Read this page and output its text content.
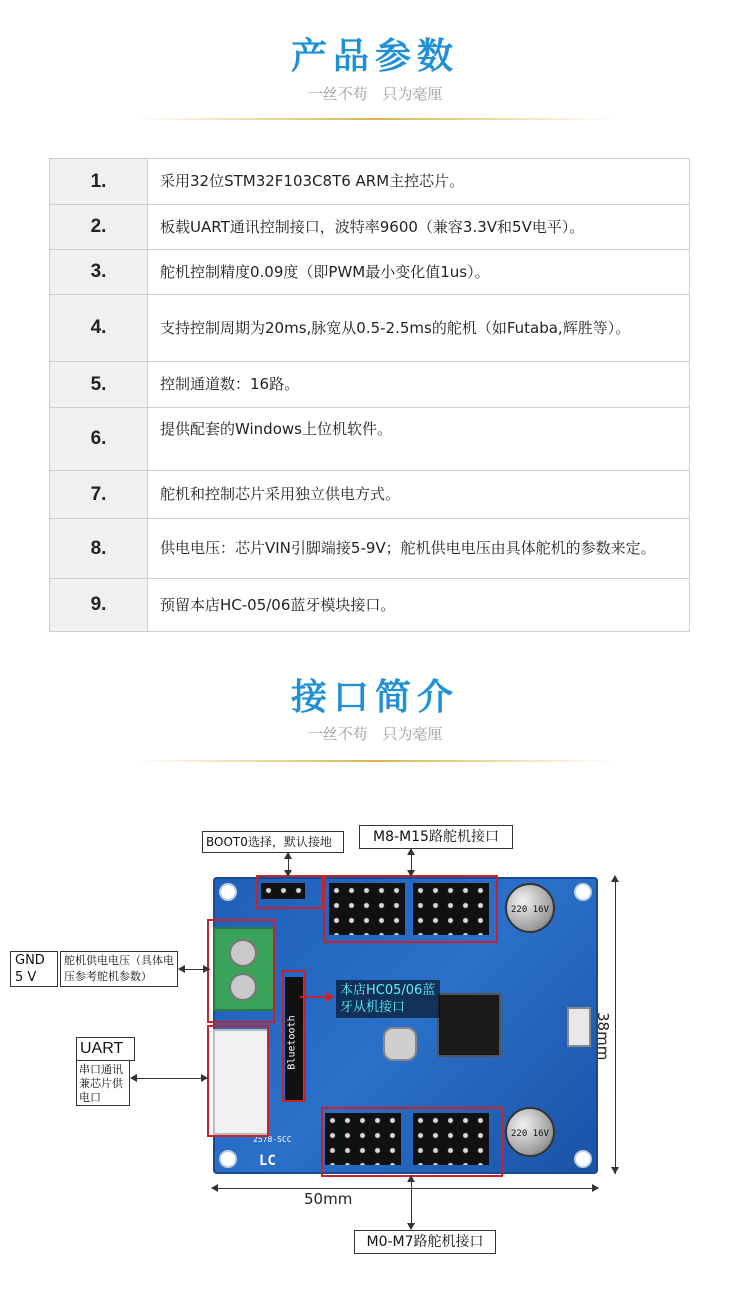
产品参数
一丝不苟 只为毫厘
1.	采用32位STM32F103C8T6 ARM主控芯片。
2.	板载UART通讯控制接口，波特率9600（兼容3.3V和5V电平）。
3.	舵机控制精度0.09度（即PWM最小变化值1us）。
4.	支持控制周期为20ms,脉宽从0.5-2.5ms的舵机（如Futaba,辉胜等）。
5.	控制通道数：16路。
6.	提供配套的Windows上位机软件。
7.	舵机和控制芯片采用独立供电方式。
8.	供电电压：芯片VIN引脚端接5-9V；舵机供电电压由具体舵机的参数来定。
9.	预留本店HC-05/06蓝牙模块接口。
接口简介
一丝不苟 只为毫厘
Bluetooth
220 16V
220 16V
LC
2578-SCC
本店HC05/06蓝牙从机接口
BOOT0选择，默认接地	M8-M15路舵机接口
GND
5 V
舵机供电电压（具体电压参考舵机参数）
UART
串口通讯兼芯片供电口
M0-M7路舵机接口
50mm
38mm
